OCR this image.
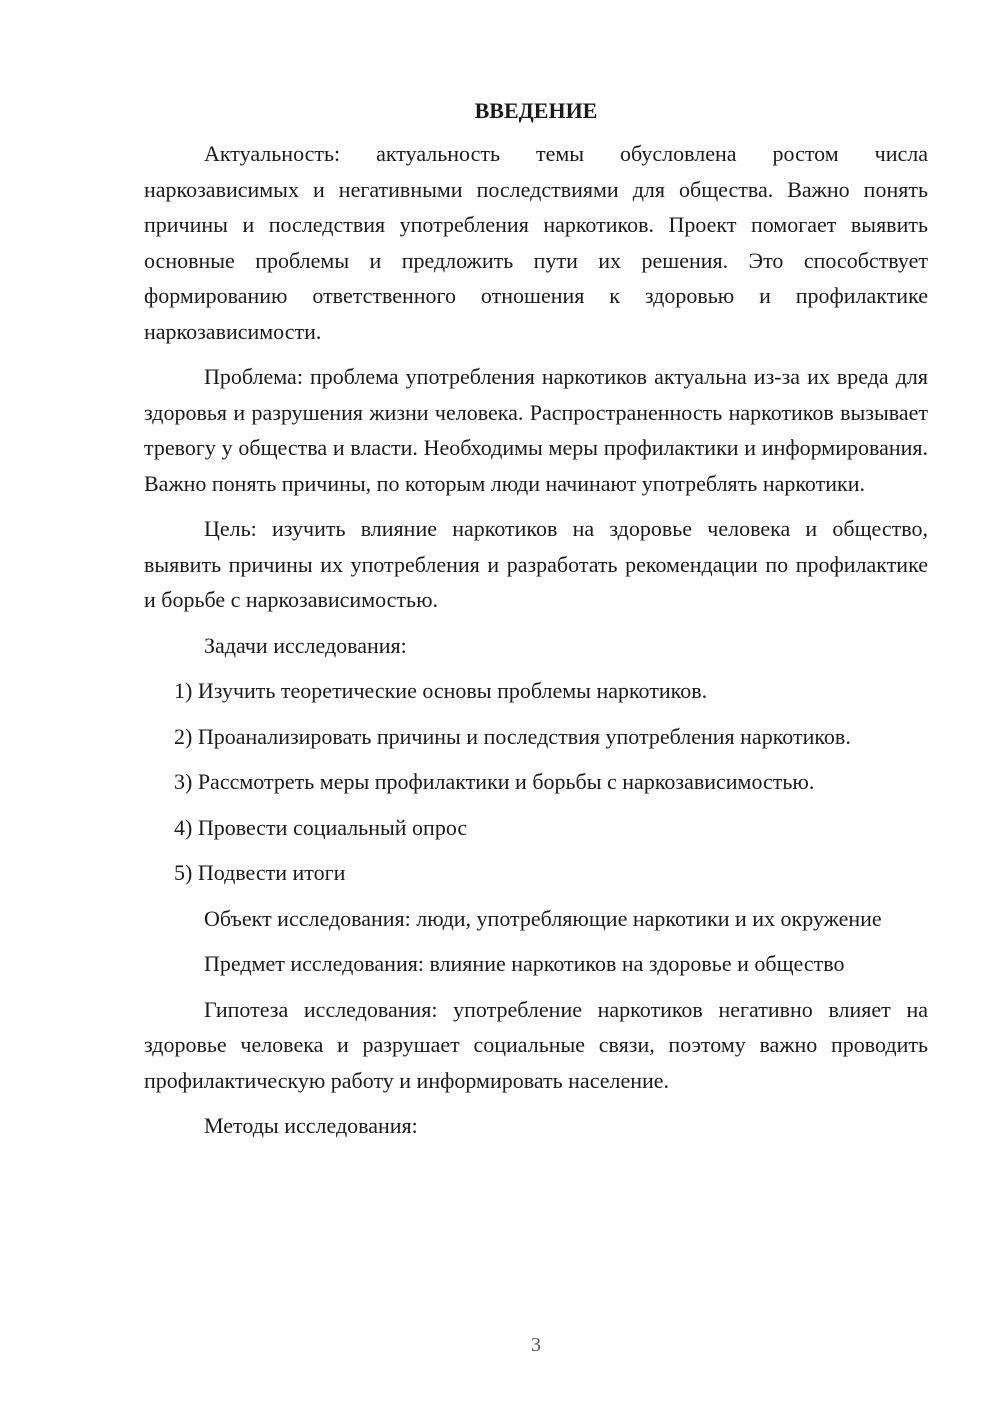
ВВЕДЕНИЕ

Актуальность: актуальность темы обусловлена ростом числа наркозависимых и негативными последствиями для общества. Важно понять причины и последствия употребления наркотиков. Проект помогает выявить основные проблемы и предложить пути их решения. Это способствует формированию ответственного отношения к здоровью и профилактике наркозависимости.

Проблема: проблема употребления наркотиков актуальна из-за их вреда для здоровья и разрушения жизни человека. Распространенность наркотиков вызывает тревогу у общества и власти. Необходимы меры профилактики и информирования. Важно понять причины, по которым люди начинают употреблять наркотики.

Цель: изучить влияние наркотиков на здоровье человека и общество, выявить причины их употребления и разработать рекомендации по профилактике и борьбе с наркозависимостью.

Задачи исследования:

1) Изучить теоретические основы проблемы наркотиков.

2) Проанализировать причины и последствия употребления наркотиков.

3) Рассмотреть меры профилактики и борьбы с наркозависимостью.

4) Провести социальный опрос

5) Подвести итоги

Объект исследования: люди, употребляющие наркотики и их окружение

Предмет исследования: влияние наркотиков на здоровье и общество

Гипотеза исследования: употребление наркотиков негативно влияет на здоровье человека и разрушает социальные связи, поэтому важно проводить профилактическую работу и информировать население.

Методы исследования:

3
